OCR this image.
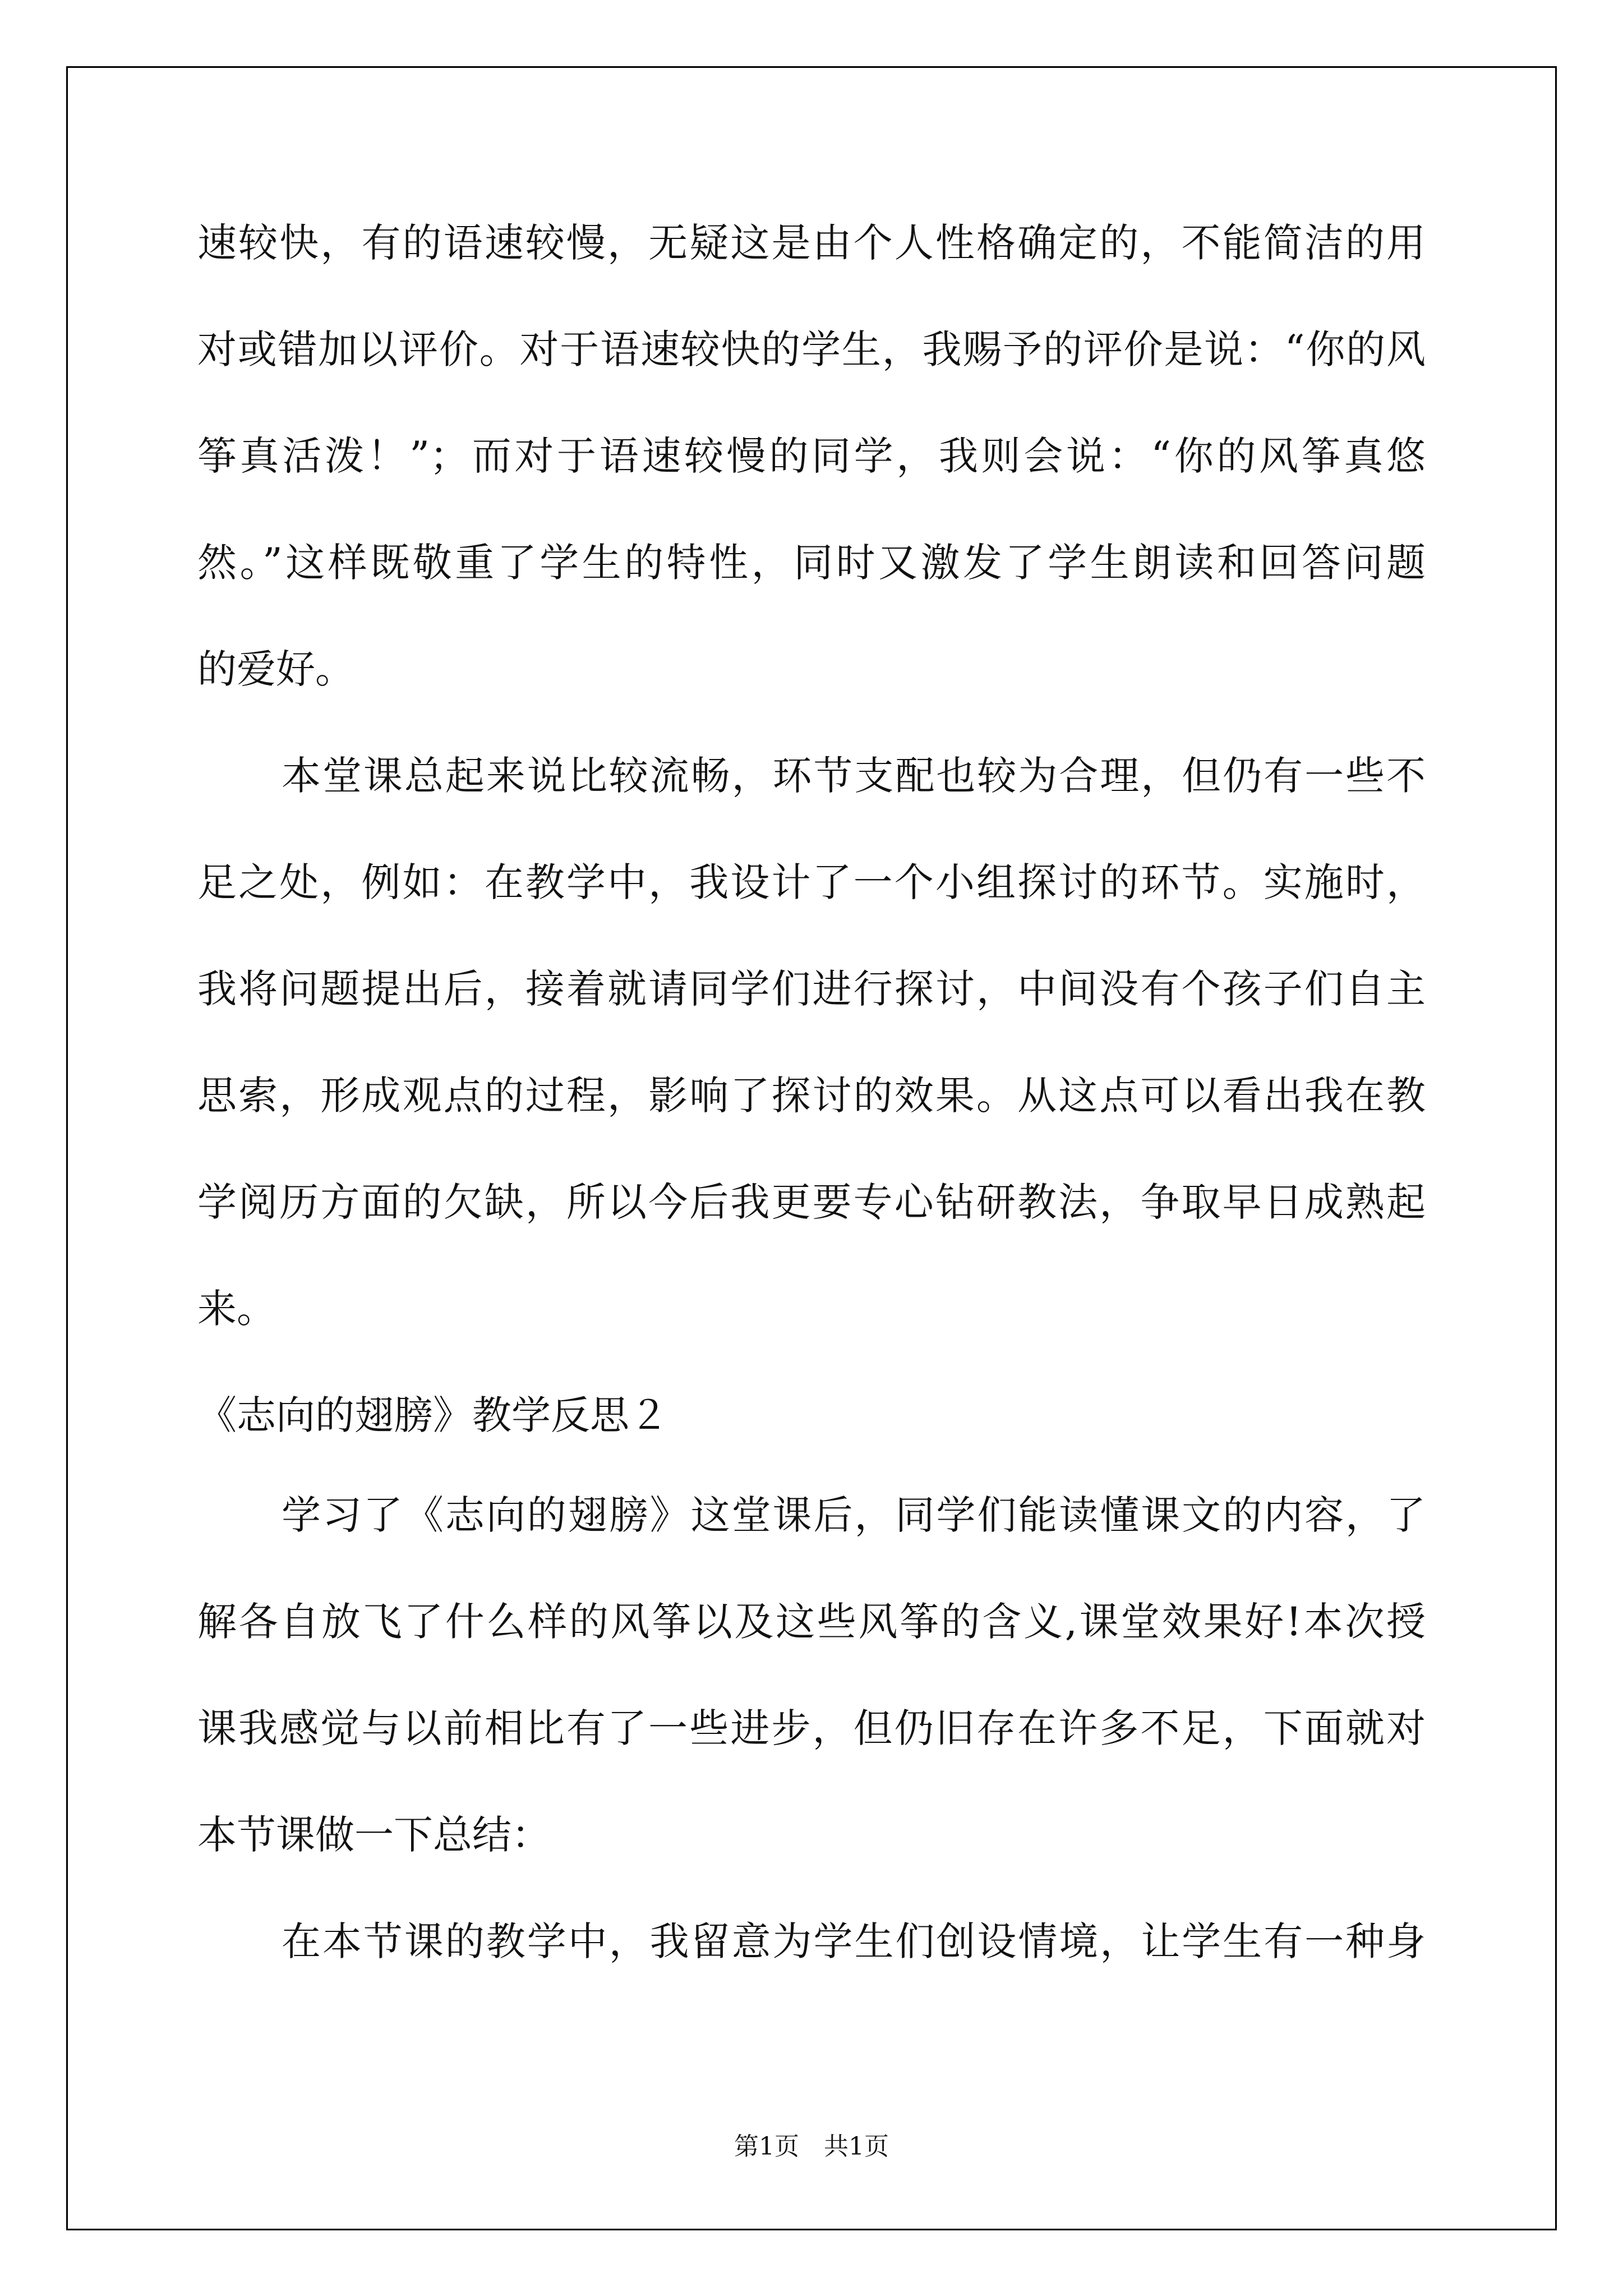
速较快，有的语速较慢，无疑这是由个人性格确定的，不能简洁的用
对或错加以评价。对于语速较快的学生，我赐予的评价是说：“你的风
筝真活泼！”；而对于语速较慢的同学，我则会说：“你的风筝真悠
然。”这样既敬重了学生的特性，同时又激发了学生朗读和回答问题
的爱好。
本堂课总起来说比较流畅，环节支配也较为合理，但仍有一些不
足之处，例如：在教学中，我设计了一个小组探讨的环节。实施时，
我将问题提出后，接着就请同学们进行探讨，中间没有个孩子们自主
思索，形成观点的过程，影响了探讨的效果。从这点可以看出我在教
学阅历方面的欠缺，所以今后我更要专心钻研教法，争取早日成熟起
来。
《志向的翅膀》教学反思２
学习了《志向的翅膀》这堂课后，同学们能读懂课文的内容，了
解各自放飞了什么样的风筝以及这些风筝的含义,课堂效果好!本次授
课我感觉与以前相比有了一些进步，但仍旧存在许多不足，下面就对
本节课做一下总结：
在本节课的教学中，我留意为学生们创设情境，让学生有一种身
第1页　共1页
